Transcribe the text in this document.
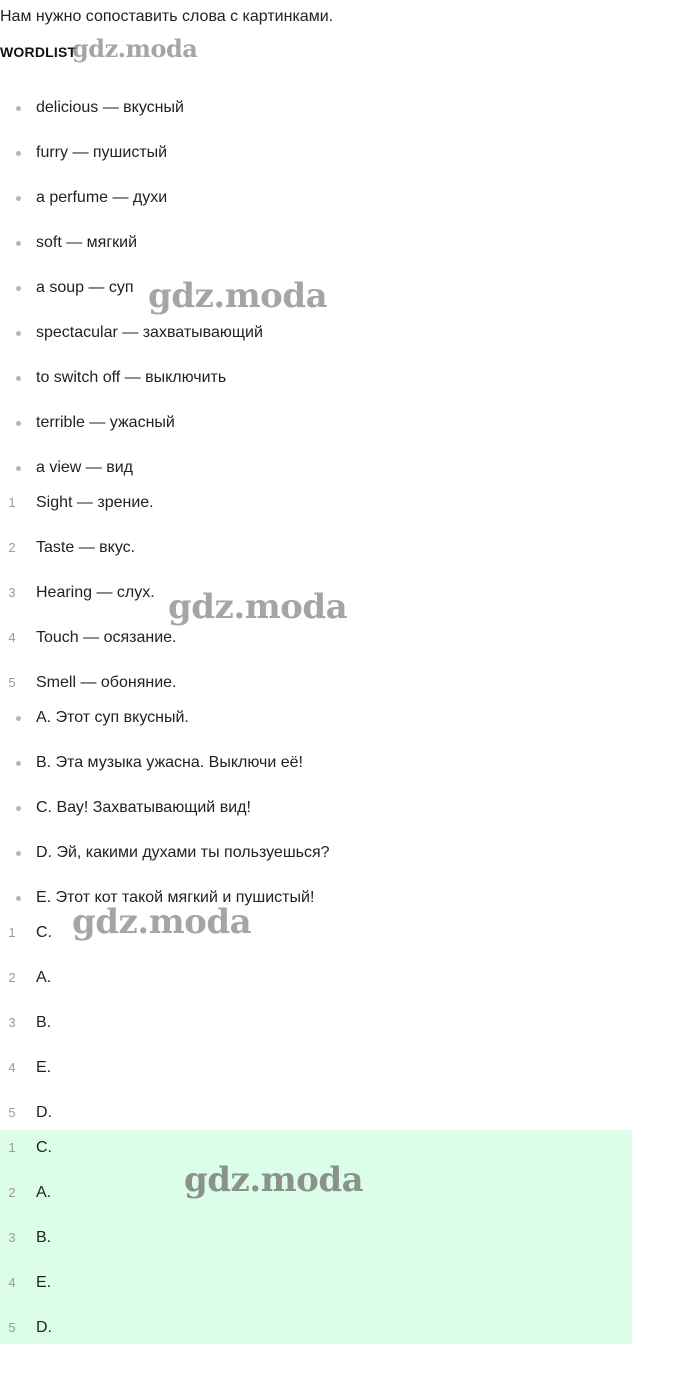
Нам нужно сопоставить слова с картинками.
WORDLIST
gdz.moda
delicious — вкусный
furry — пушистый
a perfume — духи
soft — мягкий
a soup — суп
spectacular — захватывающий
to switch off — выключить
terrible — ужасный
a view — вид
1	Sight — зрение.
2	Taste — вкус.
3	Hearing — слух.
4	Touch — осязание.
5	Smell — обоняние.
A. Этот суп вкусный.
B. Эта музыка ужасна. Выключи её!
C. Вау! Захватывающий вид!
D. Эй, какими духами ты пользуешься?
E. Этот кот такой мягкий и пушистый!
1	C.
2	A.
3	B.
4	E.
5	D.
1	C.
2	A.
3	B.
4	E.
5	D.
gdz.moda
gdz.moda
gdz.moda
gdz.moda
